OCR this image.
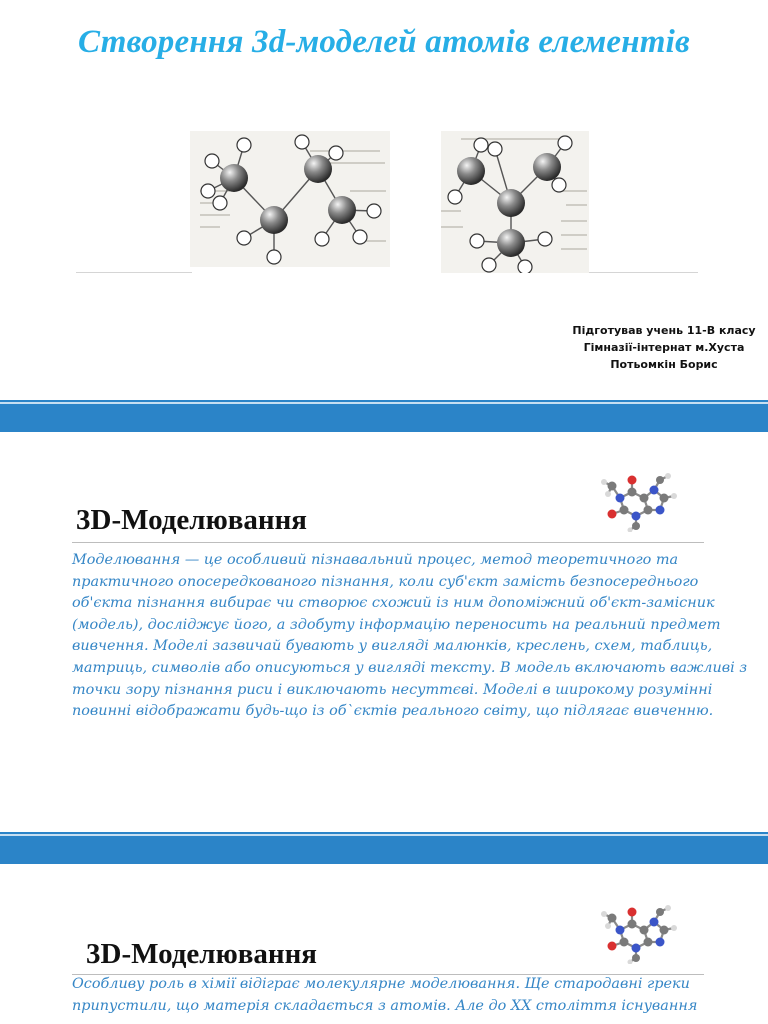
Створення 3d-моделей атомів елементів
Підготував учень 11-В класу
Гімназії-інтернат м.Хуста
Потьомкін Борис
3D-Моделювання
Моделювання — це особливий пізнавальний процес, метод теоретичного та практичного опосередкованого пізнання, коли суб'єкт замість безпосереднього об'єкта пізнання вибирає чи створює схожий із ним допоміжний об'єкт-замісник (модель), досліджує його, а здобуту інформацію переносить на реальний предмет вивчення. Моделі зазвичай бувають у вигляді малюнків, креслень, схем, таблиць, матриць, символів або описуються у вигляді тексту. В модель включають важливі з точки зору пізнання риси і виключають несуттєві. Моделі в широкому розумінні повинні відображати будь-що із об`єктів реального світу, що підлягає вивченню.
3D-Моделювання
Особливу роль в хімії відіграє молекулярне моделювання. Ще стародавні греки припустили, що матерія складається з атомів. Але до XX століття існування
